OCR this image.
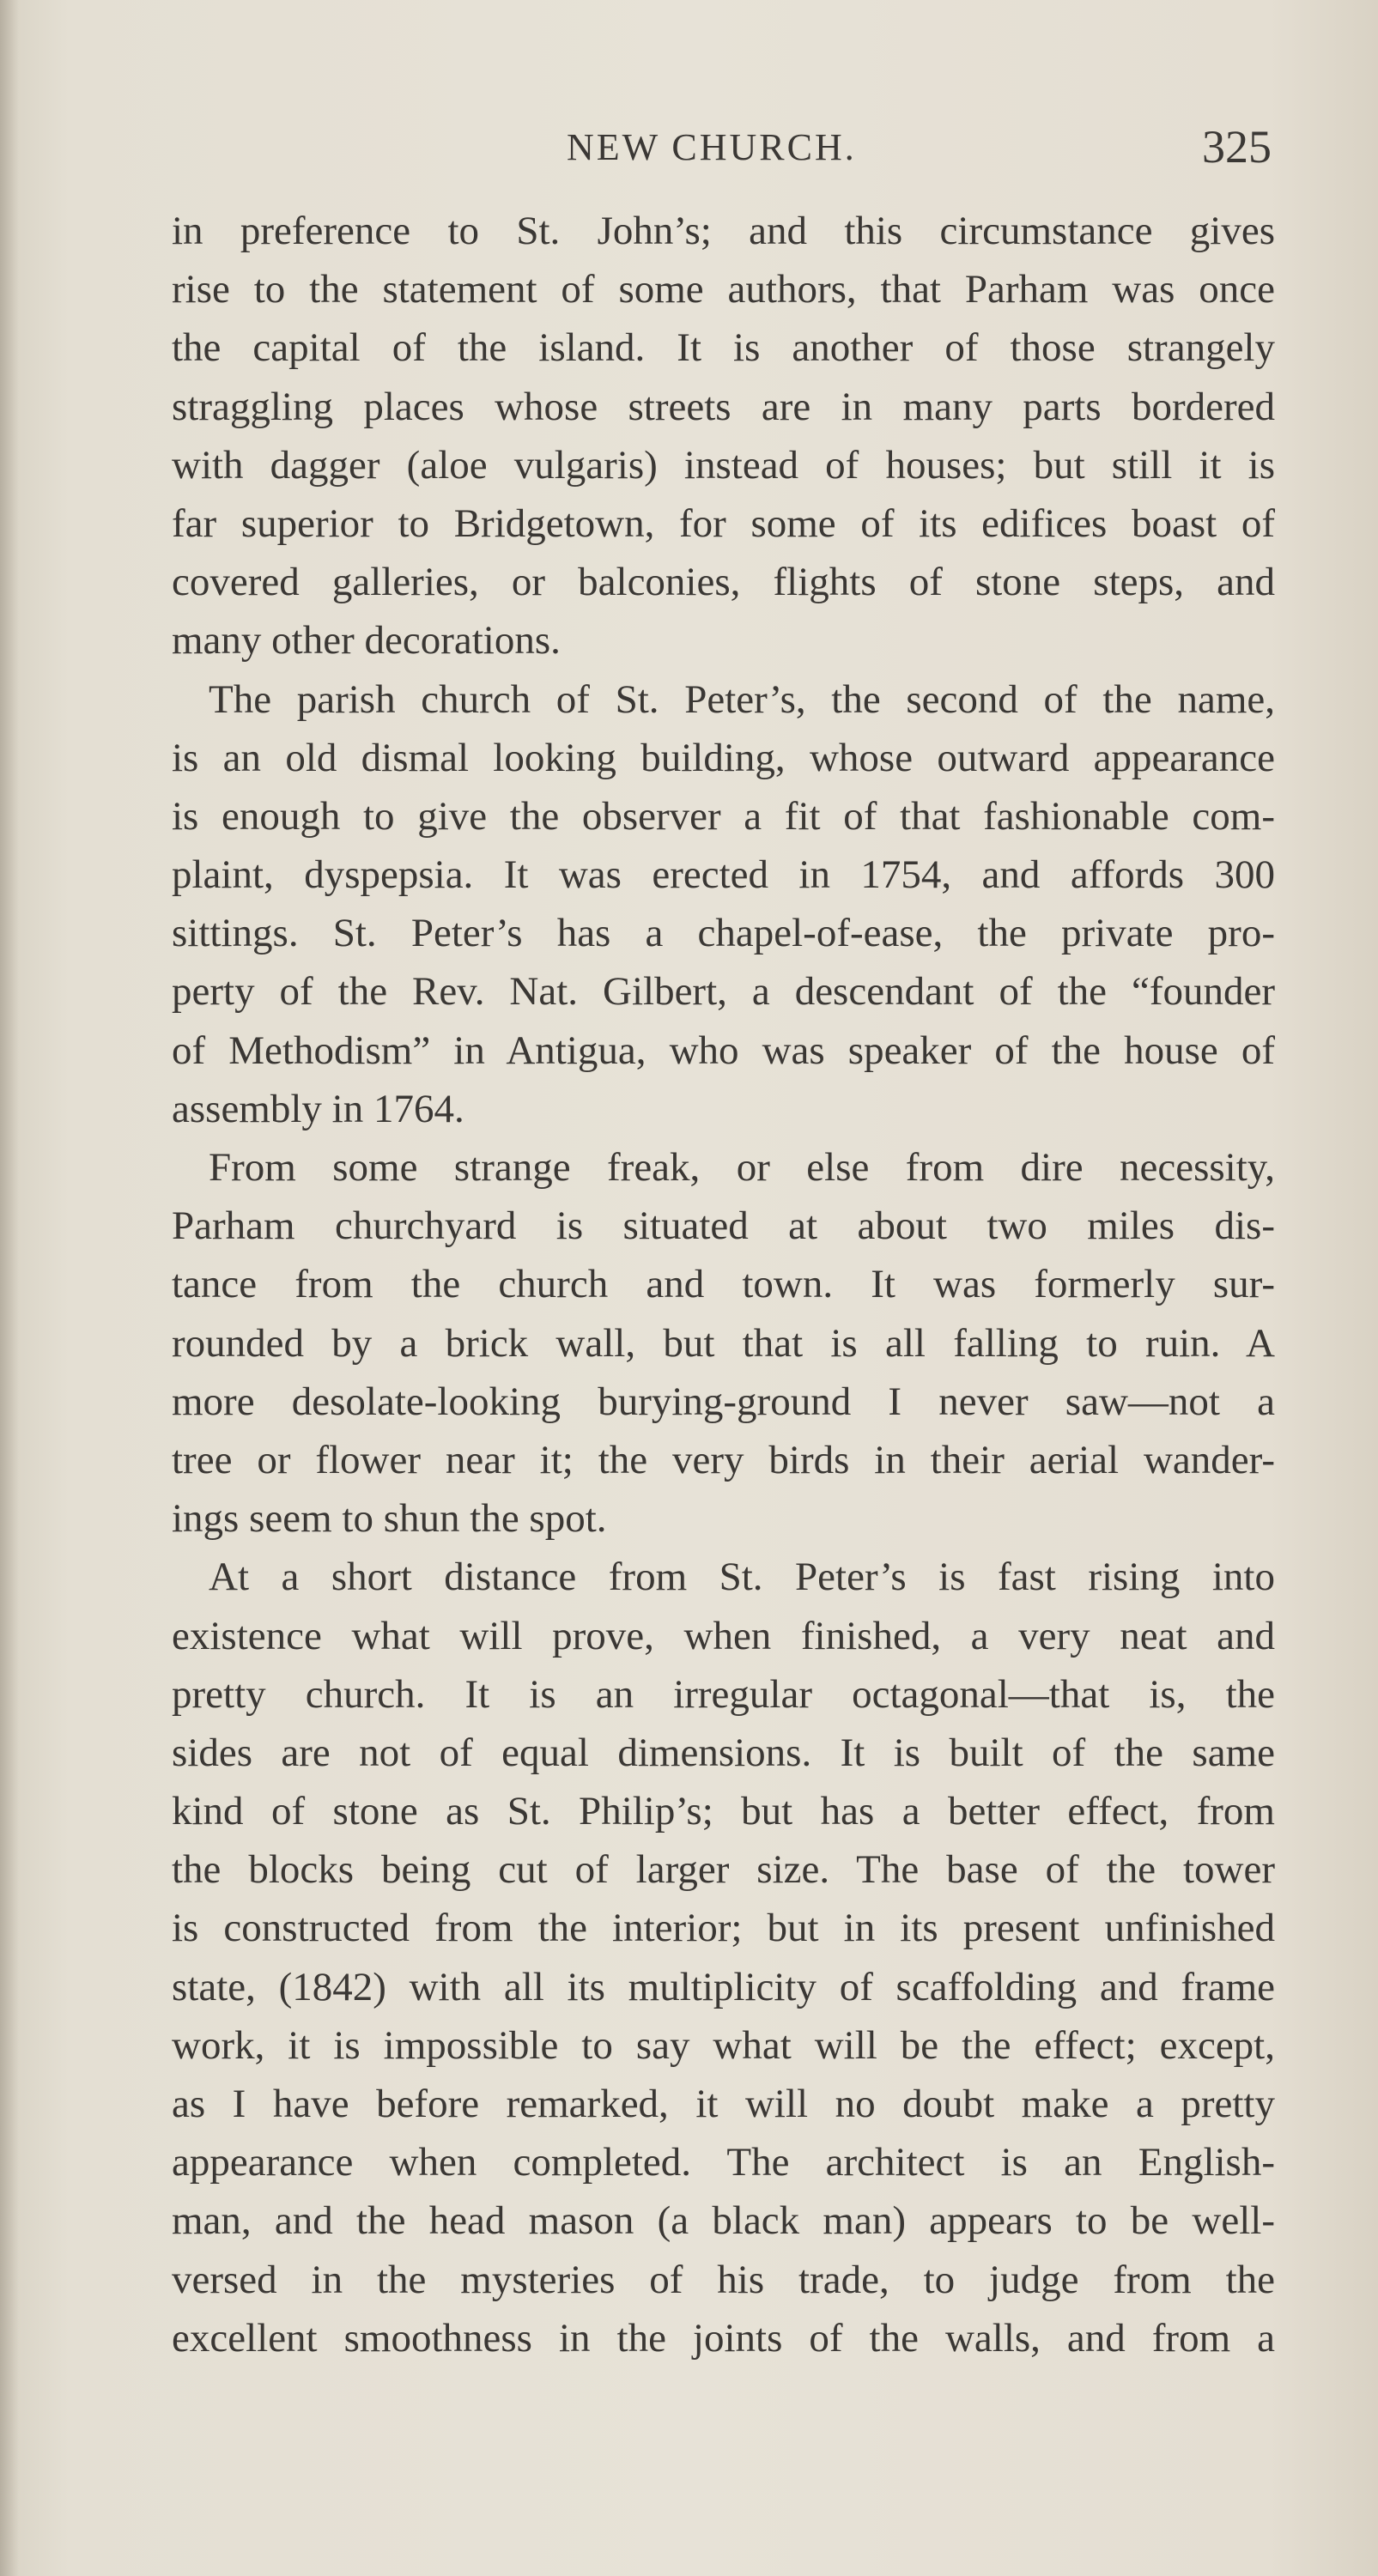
NEW CHURCH.	325
in preference to St. John’s; and this circumstance gives
rise to the statement of some authors, that Parham was once
the capital of the island. It is another of those strangely
straggling places whose streets are in many parts bordered
with dagger (aloe vulgaris) instead of houses; but still it is
far superior to Bridgetown, for some of its edifices boast of
covered galleries, or balconies, flights of stone steps, and
many other decorations.
The parish church of St. Peter’s, the second of the name,
is an old dismal looking building, whose outward appearance
is enough to give the observer a fit of that fashionable com-
plaint, dyspepsia. It was erected in 1754, and affords 300
sittings. St. Peter’s has a chapel-of-ease, the private pro-
perty of the Rev. Nat. Gilbert, a descendant of the “founder
of Methodism” in Antigua, who was speaker of the house of
assembly in 1764.
From some strange freak, or else from dire necessity,
Parham churchyard is situated at about two miles dis-
tance from the church and town. It was formerly sur-
rounded by a brick wall, but that is all falling to ruin. A
more desolate-looking burying-ground I never saw—not a
tree or flower near it; the very birds in their aerial wander-
ings seem to shun the spot.
At a short distance from St. Peter’s is fast rising into
existence what will prove, when finished, a very neat and
pretty church. It is an irregular octagonal—that is, the
sides are not of equal dimensions. It is built of the same
kind of stone as St. Philip’s; but has a better effect, from
the blocks being cut of larger size. The base of the tower
is constructed from the interior; but in its present unfinished
state, (1842) with all its multiplicity of scaffolding and frame
work, it is impossible to say what will be the effect; except,
as I have before remarked, it will no doubt make a pretty
appearance when completed. The architect is an English-
man, and the head mason (a black man) appears to be well-
versed in the mysteries of his trade, to judge from the
excellent smoothness in the joints of the walls, and from a
